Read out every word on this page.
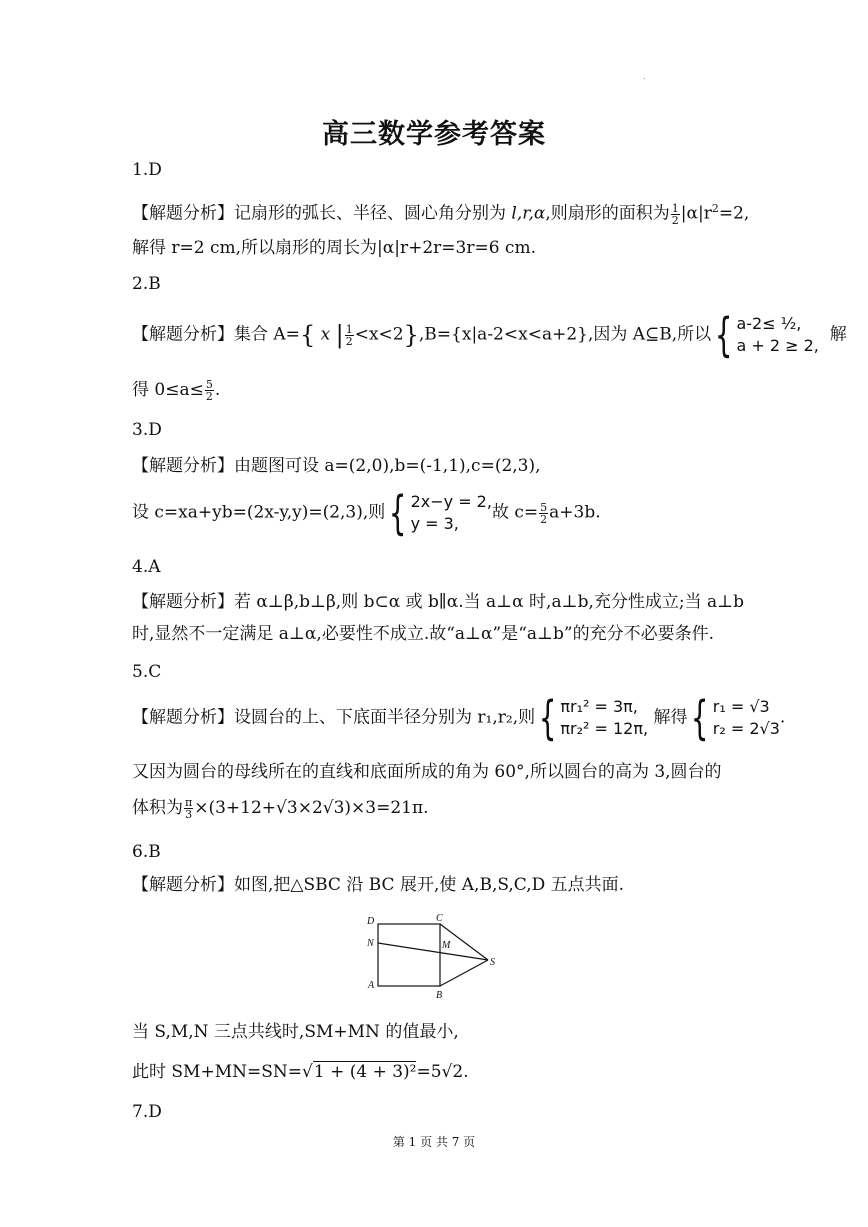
.
高三数学参考答案
1.D
【解题分析】记扇形的弧长、半径、圆心角分别为 l,r,α,则扇形的面积为 $\frac{1}{2} |\alpha|r^2=2$,
解得 r=2 cm,所以扇形的周长为|α|r+2r=3r=6 cm.
2.B
【解题分析】集合 A={ x | $\frac{1}{2} <x<2\},B=\{x|a-2<x<a+2\}$,因为 A⊆B,所以{ a-2≤ ½,
a + 2 ≥ 2,
解
得 $0\le a\le \frac{5}{2}$ .
3.D
【解题分析】由题图可设 a=(2,0),b=(-1,1),c=(2,3),
设 c=xa+yb=(2x-y,y)=(2,3),则{ 2x−y = 2,
y = 3,
故 $c= \frac{5}{2} a+3b$.
4.A
【解题分析】若 α⊥β,b⊥β,则 b⊂α 或 b∥α.当 a⊥α 时,a⊥b,充分性成立;当 a⊥b
时,显然不一定满足 a⊥α,必要性不成立.故“a⊥α”是“a⊥b”的充分不必要条件.
5.C
【解题分析】设圆台的上、下底面半径分别为 r₁,r₂,则{ πr₁² = 3π,
πr₂² = 12π,
解得{ r₁ = √3
r₂ = 2√3
.
又因为圆台的母线所在的直线和底面所成的角为 60°,所以圆台的高为 3,圆台的
体积为 $\frac{\pi}{3} \times(3+12+√3\times 2√3)\times 3=21\pi$.
6.B
【解题分析】如图,把△SBC 沿 BC 展开,使 A,B,S,C,D 五点共面.
D	C
N	M
S
A
B
当 S,M,N 三点共线时,SM+MN 的值最小,
此时 SM+MN=SN=√1 + (4 + 3)²=5√2.
7.D
第 1 页 共 7 页
